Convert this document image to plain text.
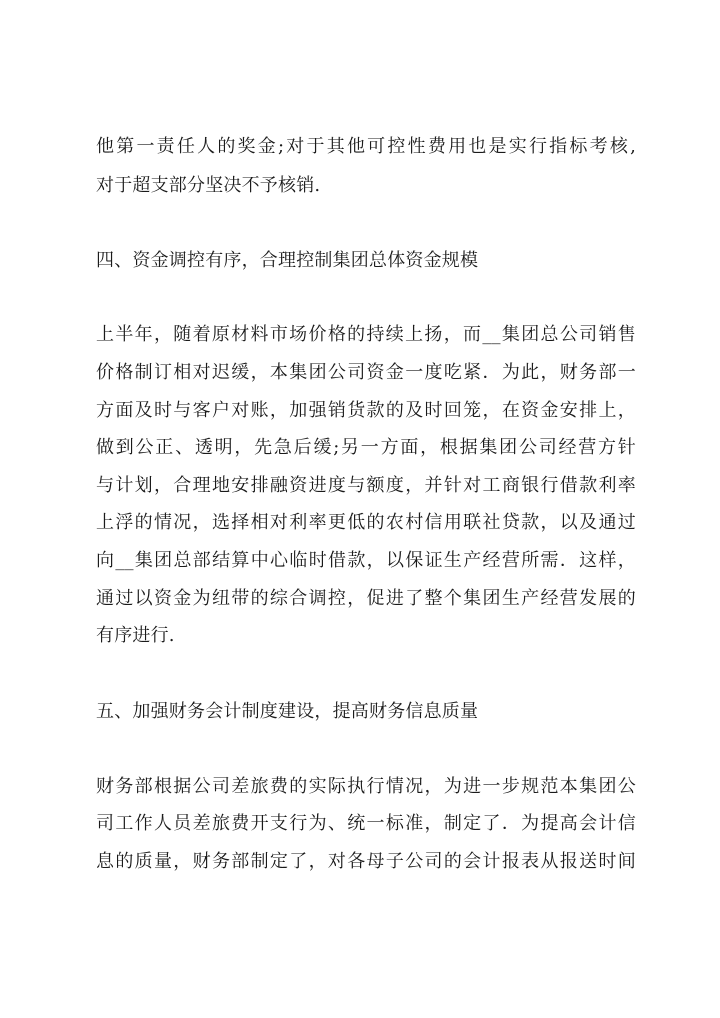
他第一责任人的奖金;对于其他可控性费用也是实行指标考核,
对于超支部分坚决不予核销.
四、资金调控有序，合理控制集团总体资金规模
上半年，随着原材料市场价格的持续上扬，而__集团总公司销售
价格制订相对迟缓，本集团公司资金一度吃紧．为此，财务部一
方面及时与客户对账，加强销货款的及时回笼，在资金安排上，
做到公正、透明，先急后缓;另一方面，根据集团公司经营方针
与计划，合理地安排融资进度与额度，并针对工商银行借款利率
上浮的情况，选择相对利率更低的农村信用联社贷款，以及通过
向__集团总部结算中心临时借款，以保证生产经营所需．这样，
通过以资金为纽带的综合调控，促进了整个集团生产经营发展的
有序进行.
五、加强财务会计制度建设，提高财务信息质量
财务部根据公司差旅费的实际执行情况，为进一步规范本集团公
司工作人员差旅费开支行为、统一标准，制定了．为提高会计信
息的质量，财务部制定了，对各母子公司的会计报表从报送时间
